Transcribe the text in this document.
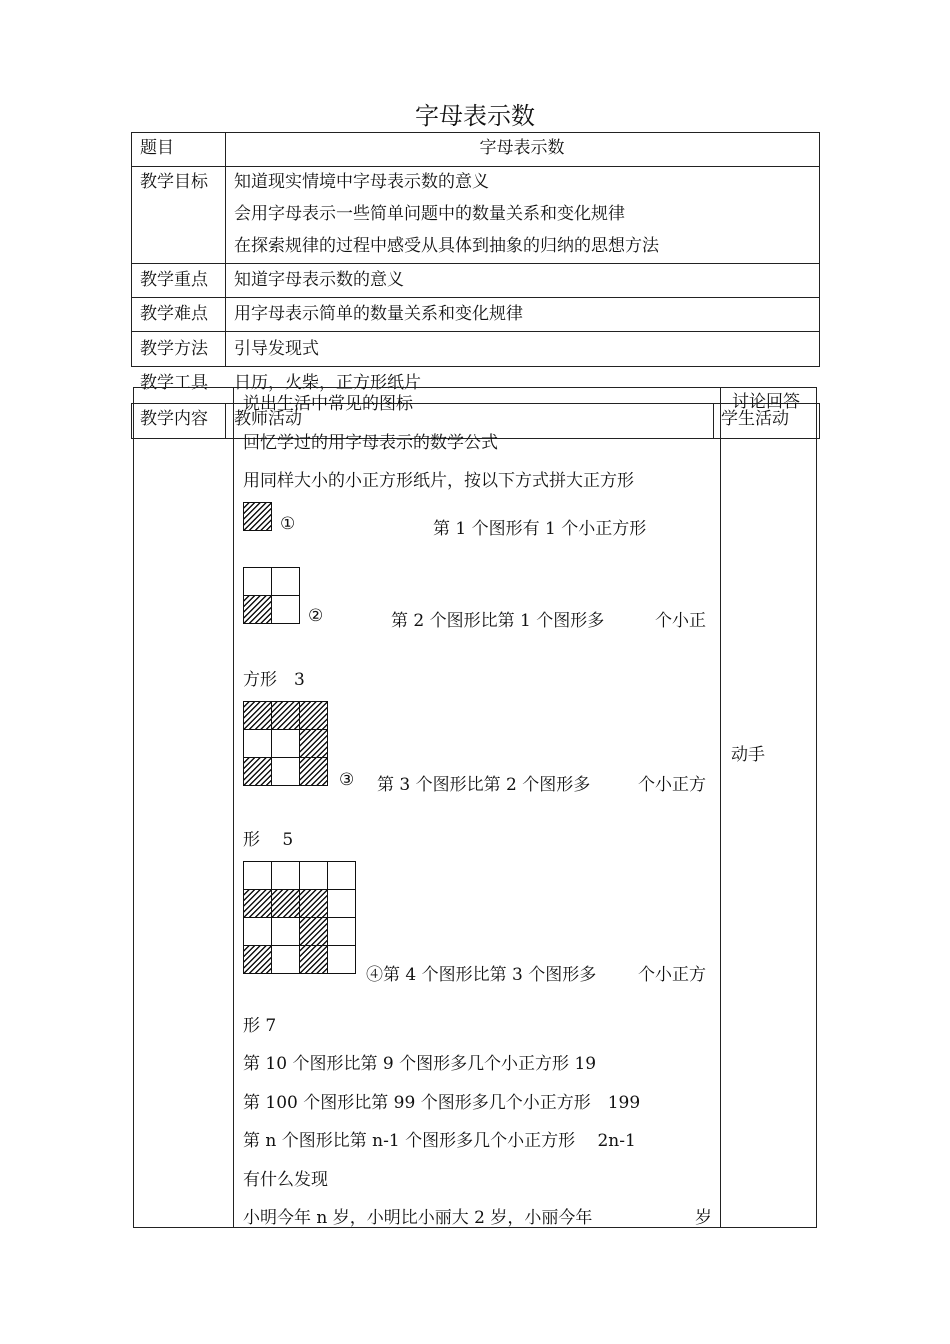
字母表示数
题目	字母表示数
教学目标 知道现实情境中字母表示数的意义
会用字母表示一些简单问题中的数量关系和变化规律
在探索规律的过程中感受从具体到抽象的归纳的思想方法
教学重点 知道字母表示数的意义
教学难点 用字母表示简单的数量关系和变化规律
教学方法 引导发现式
教学工具 日历，火柴，正方形纸片
教学内容 教师活动	学生活动
说出生活中常见的图标	讨论回答
回忆学过的用字母表示的数学公式
用同样大小的小正方形纸片，按以下方式拼大正方形
①	第 1 个图形有 1 个小正方形
②	第 2 个图形比第 1 个图形多	个小正
方形　3
③ 第 3 个图形比第 2 个图形多	个小正方
形　 5
④第 4 个图形比第 3 个图形多 个小正方
形 7
第 10 个图形比第 9 个图形多几个小正方形 19
第 100 个图形比第 99 个图形多几个小正方形　199
第 n 个图形比第 n-1 个图形多几个小正方形　 2n-1
有什么发现
小明今年 n 岁，小明比小丽大 2 岁，小丽今年	岁
动手
